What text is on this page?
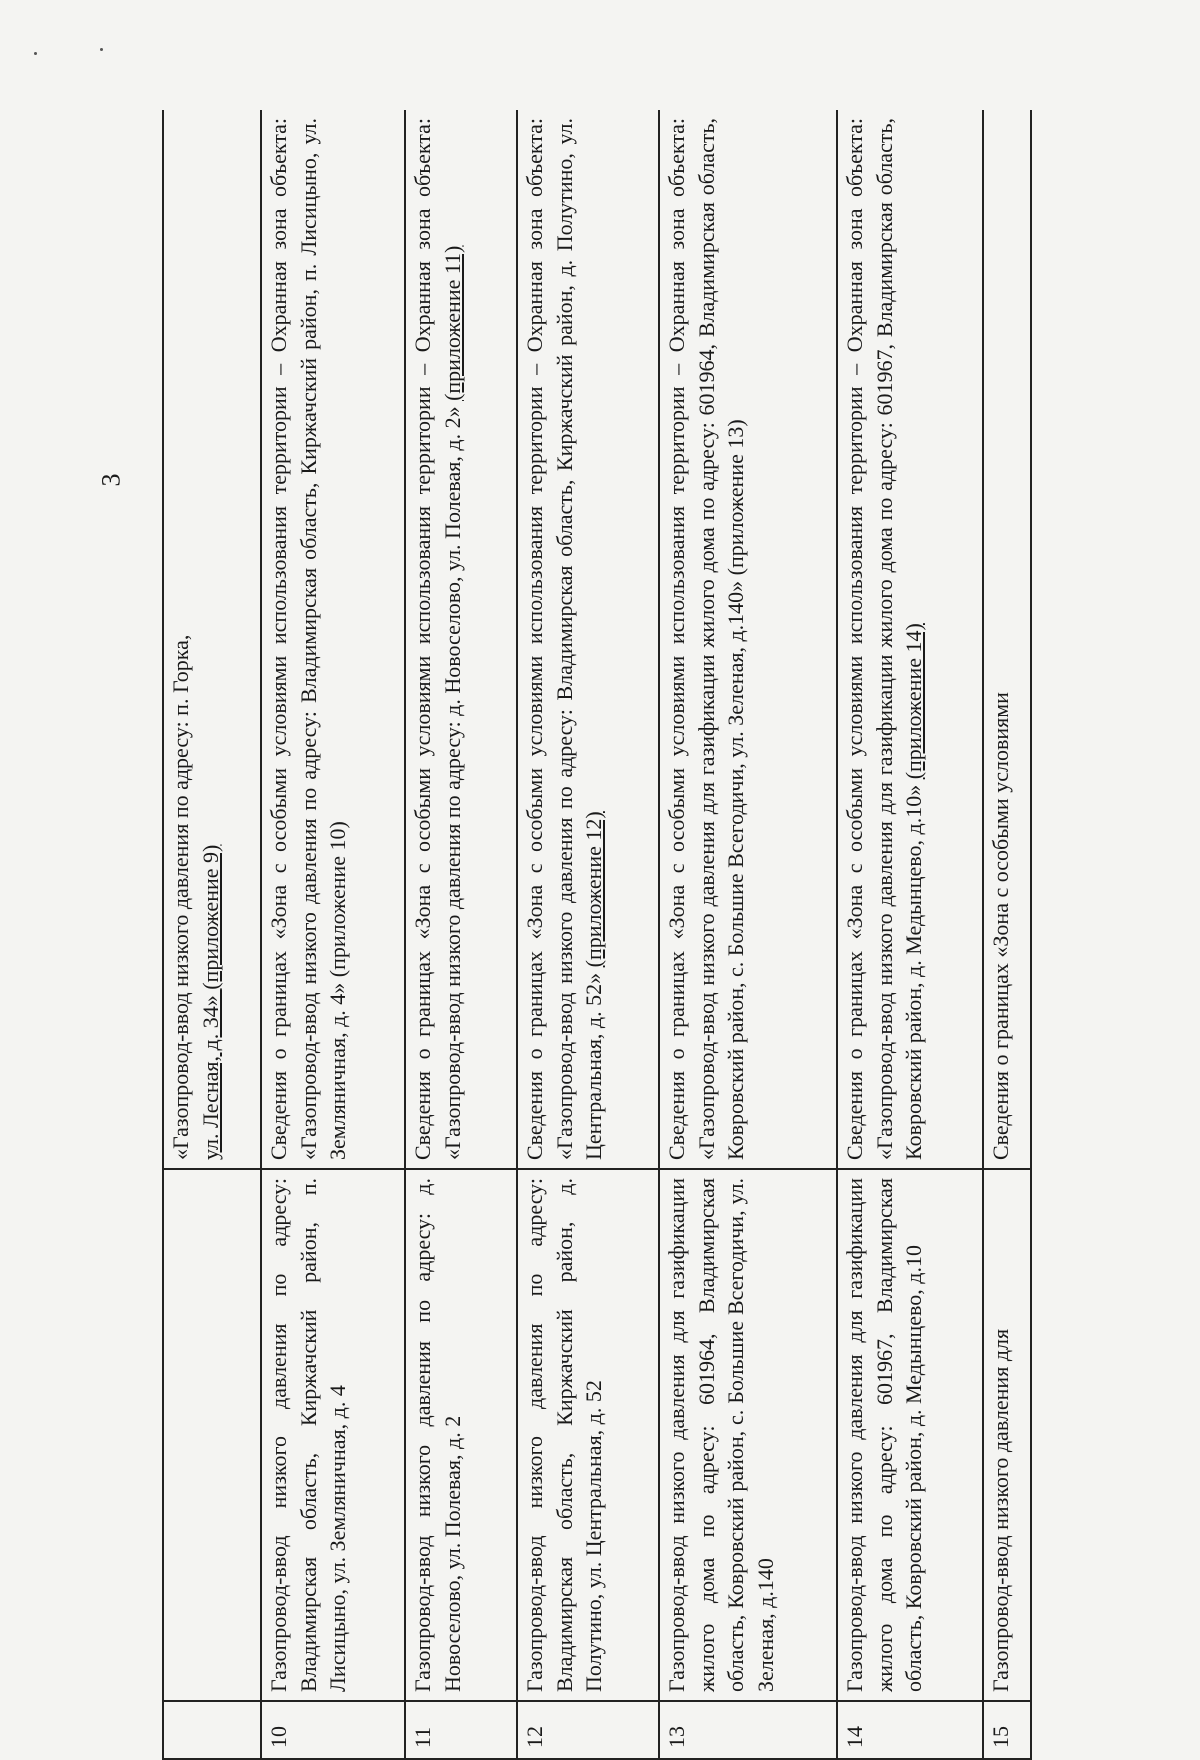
3
		«Газопровод-ввод низкого давления по адресу: п. Горка, ул. Лесная, д. 34» (приложение 9)
10	Газопровод-ввод низкого давления по адресу: Владимирская область, Киржачский район, п. Лисицыно, ул. Земляничная, д. 4	Сведения о границах «Зона с особыми условиями использования территории – Охранная зона объекта: «Газопровод-ввод низкого давления по адресу: Владимирская область, Киржачский район, п. Лисицыно, ул. Земляничная, д. 4» (приложение 10)
11	Газопровод-ввод низкого давления по адресу: д. Новоселово, ул. Полевая, д. 2	Сведения о границах «Зона с особыми условиями использования территории – Охранная зона объекта: «Газопровод-ввод низкого давления по адресу: д. Новоселово, ул. Полевая, д. 2» (приложение 11)
12	Газопровод-ввод низкого давления по адресу: Владимирская область, Киржачский район, д. Полутино, ул. Центральная, д. 52	Сведения о границах «Зона с особыми условиями использования территории – Охранная зона объекта: «Газопровод-ввод низкого давления по адресу: Владимирская область, Киржачский район, д. Полутино, ул. Центральная, д. 52» (приложение 12)
13	Газопровод-ввод низкого давления для газификации жилого дома по адресу: 601964, Владимирская область, Ковровский район, с. Большие Всегодичи, ул. Зеленая, д.140	Сведения о границах «Зона с особыми условиями использования территории – Охранная зона объекта: «Газопровод-ввод низкого давления для газификации жилого дома по адресу: 601964, Владимирская область, Ковровский район, с. Большие Всегодичи, ул. Зеленая, д.140» (приложение 13)
14	Газопровод-ввод низкого давления для газификации жилого дома по адресу: 601967, Владимирская область, Ковровский район, д. Медынцево, д.10	Сведения о границах «Зона с особыми условиями использования территории – Охранная зона объекта: «Газопровод-ввод низкого давления для газификации жилого дома по адресу: 601967, Владимирская область, Ковровский район, д. Медынцево, д.10» (приложение 14)
15	Газопровод-ввод низкого давления для	Сведения о границах «Зона с особыми условиями
